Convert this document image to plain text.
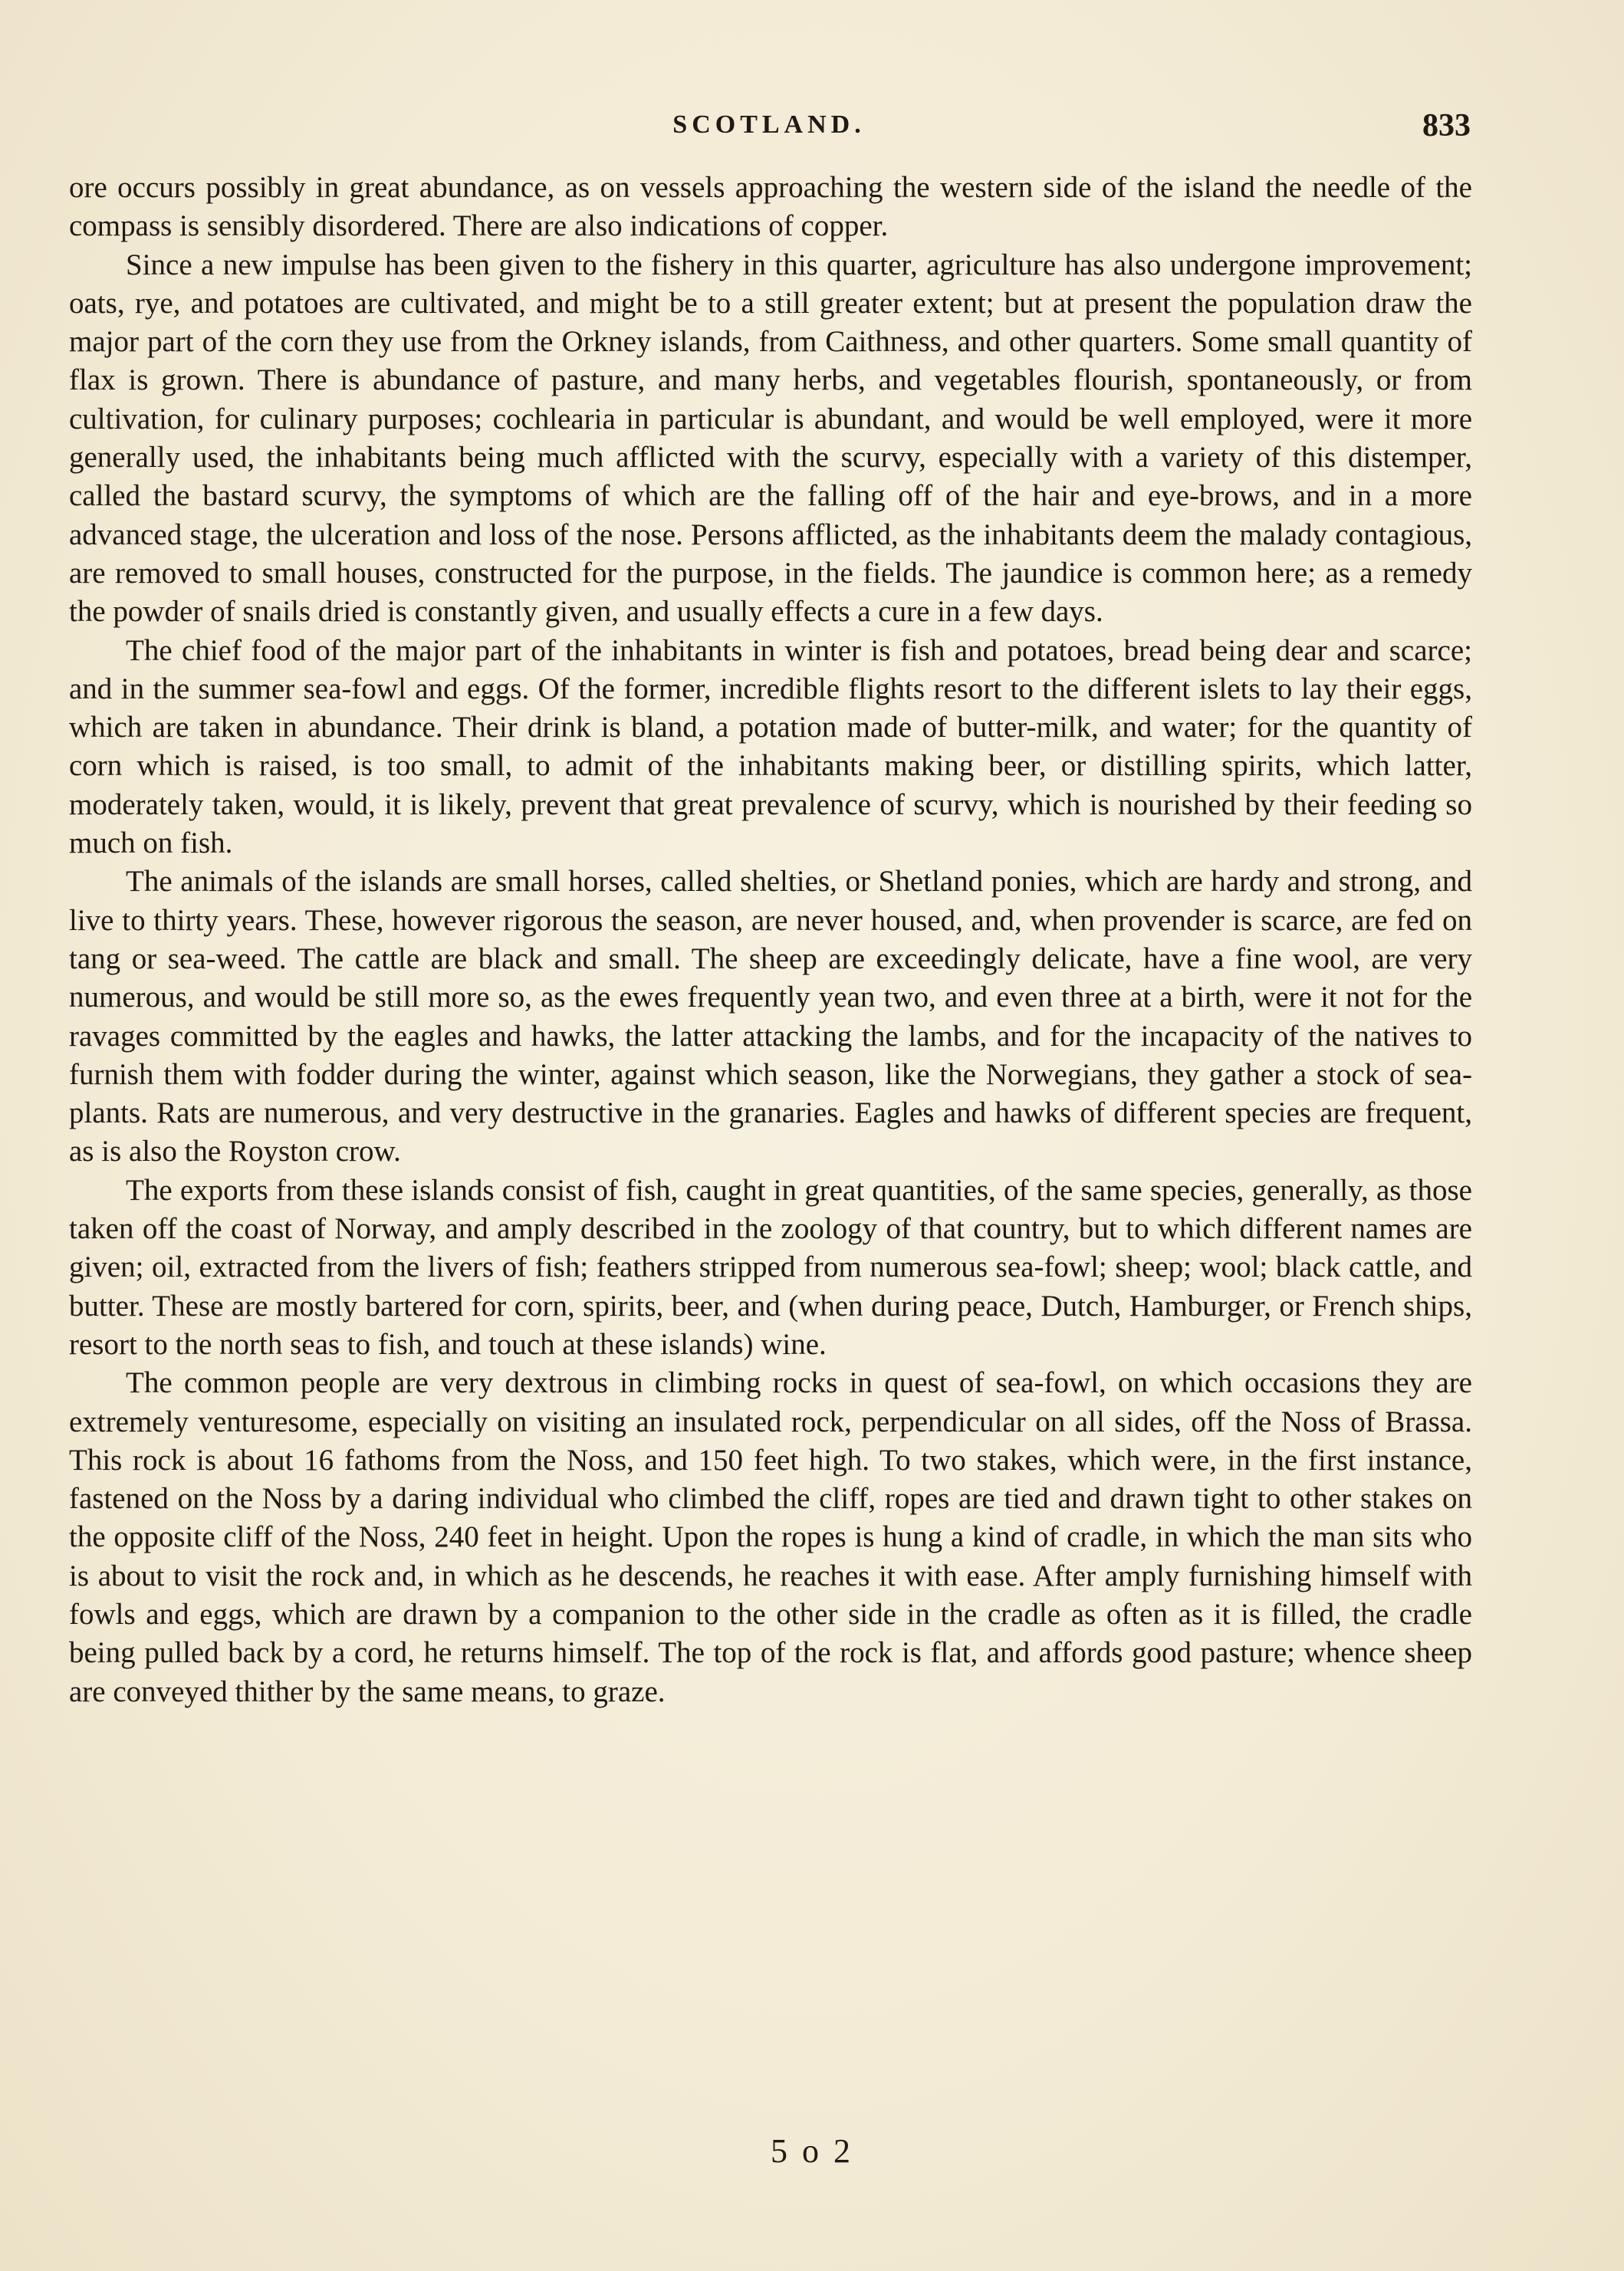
SCOTLAND.	833

ore occurs possibly in great abundance, as on vessels approaching the western side of the island the needle of the compass is sensibly disordered. There are also indications of copper.

Since a new impulse has been given to the fishery in this quarter, agriculture has also undergone improvement; oats, rye, and potatoes are cultivated, and might be to a still greater extent; but at present the population draw the major part of the corn they use from the Orkney islands, from Caithness, and other quarters. Some small quantity of flax is grown. There is abundance of pasture, and many herbs, and vegetables flourish, spontaneously, or from cultivation, for culinary purposes; cochlearia in particular is abundant, and would be well employed, were it more generally used, the inhabitants being much afflicted with the scurvy, especially with a variety of this distemper, called the bastard scurvy, the symptoms of which are the falling off of the hair and eye-brows, and in a more advanced stage, the ulceration and loss of the nose. Persons afflicted, as the inhabitants deem the malady contagious, are removed to small houses, constructed for the purpose, in the fields. The jaundice is common here; as a remedy the powder of snails dried is constantly given, and usually effects a cure in a few days.

The chief food of the major part of the inhabitants in winter is fish and potatoes, bread being dear and scarce; and in the summer sea-fowl and eggs. Of the former, incredible flights resort to the different islets to lay their eggs, which are taken in abundance. Their drink is bland, a potation made of butter-milk, and water; for the quantity of corn which is raised, is too small, to admit of the inhabitants making beer, or distilling spirits, which latter, moderately taken, would, it is likely, prevent that great prevalence of scurvy, which is nourished by their feeding so much on fish.

The animals of the islands are small horses, called shelties, or Shetland ponies, which are hardy and strong, and live to thirty years. These, however rigorous the season, are never housed, and, when provender is scarce, are fed on tang or sea-weed. The cattle are black and small. The sheep are exceedingly delicate, have a fine wool, are very numerous, and would be still more so, as the ewes frequently yean two, and even three at a birth, were it not for the ravages committed by the eagles and hawks, the latter attacking the lambs, and for the incapacity of the natives to furnish them with fodder during the winter, against which season, like the Norwegians, they gather a stock of sea-plants. Rats are numerous, and very destructive in the granaries. Eagles and hawks of different species are frequent, as is also the Royston crow.

The exports from these islands consist of fish, caught in great quantities, of the same species, generally, as those taken off the coast of Norway, and amply described in the zoology of that country, but to which different names are given; oil, extracted from the livers of fish; feathers stripped from numerous sea-fowl; sheep; wool; black cattle, and butter. These are mostly bartered for corn, spirits, beer, and (when during peace, Dutch, Hamburger, or French ships, resort to the north seas to fish, and touch at these islands) wine.

The common people are very dextrous in climbing rocks in quest of sea-fowl, on which occasions they are extremely venturesome, especially on visiting an insulated rock, perpendicular on all sides, off the Noss of Brassa. This rock is about 16 fathoms from the Noss, and 150 feet high. To two stakes, which were, in the first instance, fastened on the Noss by a daring individual who climbed the cliff, ropes are tied and drawn tight to other stakes on the opposite cliff of the Noss, 240 feet in height. Upon the ropes is hung a kind of cradle, in which the man sits who is about to visit the rock and, in which as he descends, he reaches it with ease. After amply furnishing himself with fowls and eggs, which are drawn by a companion to the other side in the cradle as often as it is filled, the cradle being pulled back by a cord, he returns himself. The top of the rock is flat, and affords good pasture; whence sheep are conveyed thither by the same means, to graze.

5 o 2
